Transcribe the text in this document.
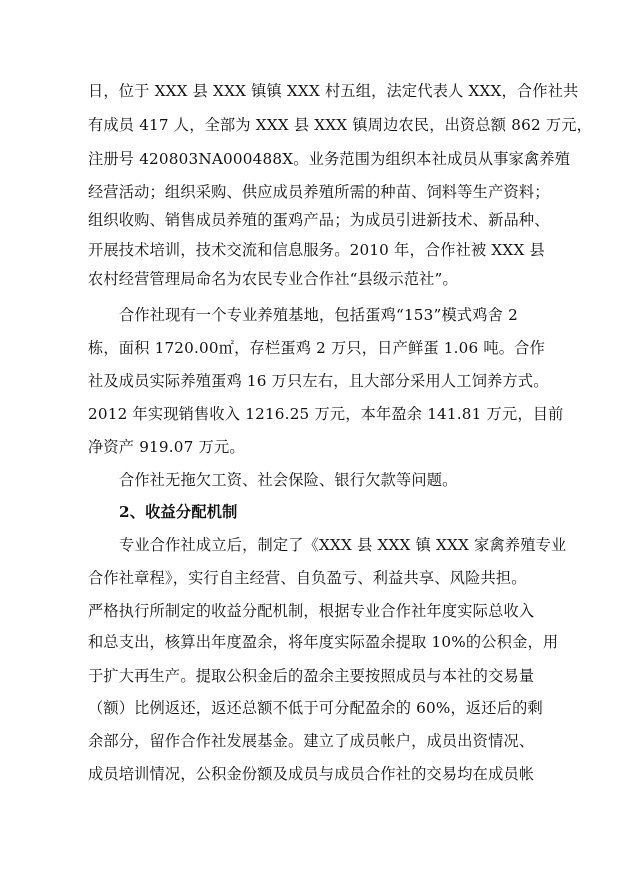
日，位于 XXX 县 XXX 镇镇 XXX 村五组，法定代表人 XXX，合作社共
有成员 417 人，全部为 XXX 县 XXX 镇周边农民，出资总额 862 万元，
注册号 420803NA000488X。业务范围为组织本社成员从事家禽养殖
经营活动；组织采购、供应成员养殖所需的种苗、饲料等生产资料；
组织收购、销售成员养殖的蛋鸡产品；为成员引进新技术、新品种、
开展技术培训，技术交流和信息服务。2010 年，合作社被 XXX 县
农村经营管理局命名为农民专业合作社“县级示范社”。
合作社现有一个专业养殖基地，包括蛋鸡“153”模式鸡舍 2
栋，面积 1720.00㎡，存栏蛋鸡 2 万只，日产鲜蛋 1.06 吨。合作
社及成员实际养殖蛋鸡 16 万只左右，且大部分采用人工饲养方式。
2012 年实现销售收入 1216.25 万元，本年盈余 141.81 万元，目前
净资产 919.07 万元。
合作社无拖欠工资、社会保险、银行欠款等问题。
2、收益分配机制
专业合作社成立后，制定了《XXX 县 XXX 镇 XXX 家禽养殖专业
合作社章程》，实行自主经营、自负盈亏、利益共享、风险共担。
严格执行所制定的收益分配机制，根据专业合作社年度实际总收入
和总支出，核算出年度盈余，将年度实际盈余提取 10%的公积金，用
于扩大再生产。提取公积金后的盈余主要按照成员与本社的交易量
（额）比例返还，返还总额不低于可分配盈余的 60%，返还后的剩
余部分，留作合作社发展基金。建立了成员帐户，成员出资情况、
成员培训情况，公积金份额及成员与成员合作社的交易均在成员帐
